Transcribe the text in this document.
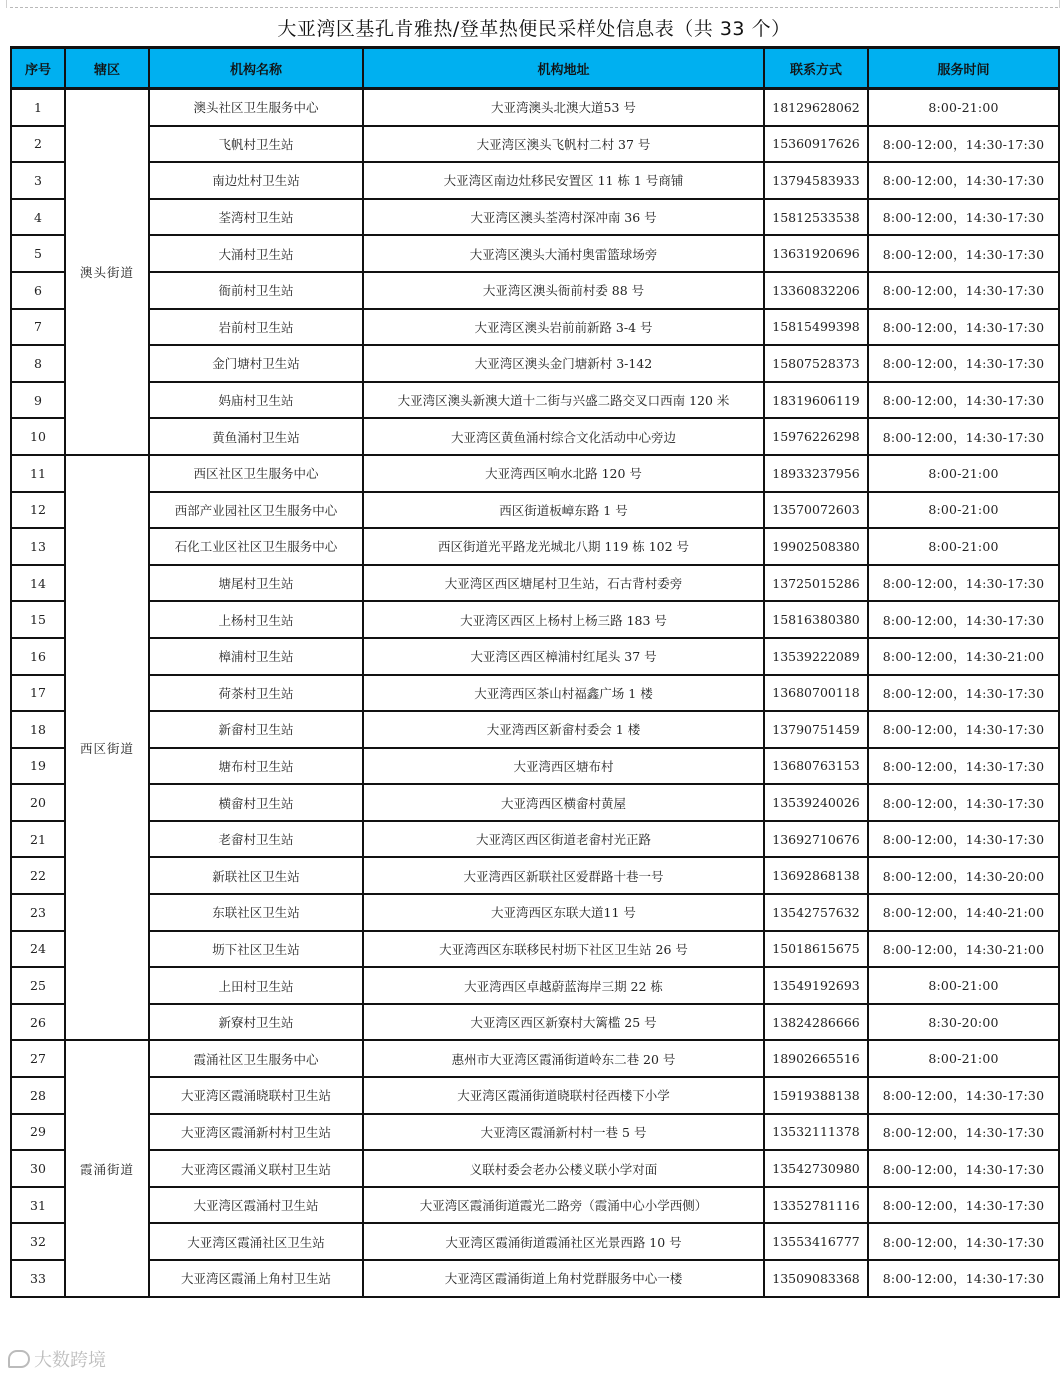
大亚湾区基孔肯雅热/登革热便民采样处信息表（共 33 个）
序号	辖区	机构名称	机构地址	联系方式	服务时间
1	澳头街道	澳头社区卫生服务中心	大亚湾澳头北澳大道53 号	18129628062	8:00-21:00
2		飞帆村卫生站	大亚湾区澳头飞帆村二村 37 号	15360917626	8:00-12:00，14:30-17:30
3		南边灶村卫生站	大亚湾区南边灶移民安置区 11 栋 1 号商铺	13794583933	8:00-12:00，14:30-17:30
4		荃湾村卫生站	大亚湾区澳头荃湾村深冲南 36 号	15812533538	8:00-12:00，14:30-17:30
5		大涌村卫生站	大亚湾区澳头大涌村奥雷篮球场旁	13631920696	8:00-12:00，14:30-17:30
6		衙前村卫生站	大亚湾区澳头衙前村委 88 号	13360832206	8:00-12:00，14:30-17:30
7		岩前村卫生站	大亚湾区澳头岩前前新路 3-4 号	15815499398	8:00-12:00，14:30-17:30
8		金门塘村卫生站	大亚湾区澳头金门塘新村 3-142	15807528373	8:00-12:00，14:30-17:30
9		妈庙村卫生站	大亚湾区澳头新澳大道十二街与兴盛二路交叉口西南 120 米	18319606119	8:00-12:00，14:30-17:30
10		黄鱼涌村卫生站	大亚湾区黄鱼涌村综合文化活动中心旁边	15976226298	8:00-12:00，14:30-17:30
11	西区街道	西区社区卫生服务中心	大亚湾西区响水北路 120 号	18933237956	8:00-21:00
12		西部产业园社区卫生服务中心	西区街道板嶂东路 1 号	13570072603	8:00-21:00
13		石化工业区社区卫生服务中心	西区街道光平路龙光城北八期 119 栋 102 号	19902508380	8:00-21:00
14		塘尾村卫生站	大亚湾区西区塘尾村卫生站，石古背村委旁	13725015286	8:00-12:00，14:30-17:30
15		上杨村卫生站	大亚湾区西区上杨村上杨三路 183 号	15816380380	8:00-12:00，14:30-17:30
16		樟浦村卫生站	大亚湾区西区樟浦村红尾头 37 号	13539222089	8:00-12:00，14:30-21:00
17		荷茶村卫生站	大亚湾西区茶山村福鑫广场 1 楼	13680700118	8:00-12:00，14:30-17:30
18		新畲村卫生站	大亚湾西区新畲村委会 1 楼	13790751459	8:00-12:00，14:30-17:30
19		塘布村卫生站	大亚湾西区塘布村	13680763153	8:00-12:00，14:30-17:30
20		横畲村卫生站	大亚湾西区横畲村黄屋	13539240026	8:00-12:00，14:30-17:30
21		老畲村卫生站	大亚湾区西区街道老畲村光正路	13692710676	8:00-12:00，14:30-17:30
22		新联社区卫生站	大亚湾西区新联社区爱群路十巷一号	13692868138	8:00-12:00，14:30-20:00
23		东联社区卫生站	大亚湾西区东联大道11 号	13542757632	8:00-12:00，14:40-21:00
24		坜下社区卫生站	大亚湾西区东联移民村坜下社区卫生站 26 号	15018615675	8:00-12:00，14:30-21:00
25		上田村卫生站	大亚湾西区卓越蔚蓝海岸三期 22 栋	13549192693	8:00-21:00
26		新寮村卫生站	大亚湾区西区新寮村大篱槛 25 号	13824286666	8:30-20:00
27	霞涌街道	霞涌社区卫生服务中心	惠州市大亚湾区霞涌街道岭东二巷 20 号	18902665516	8:00-21:00
28		大亚湾区霞涌晓联村卫生站	大亚湾区霞涌街道晓联村径西楼下小学	15919388138	8:00-12:00，14:30-17:30
29		大亚湾区霞涌新村村卫生站	大亚湾区霞涌新村村一巷 5 号	13532111378	8:00-12:00，14:30-17:30
30		大亚湾区霞涌义联村卫生站	义联村委会老办公楼义联小学对面	13542730980	8:00-12:00，14:30-17:30
31		大亚湾区霞涌村卫生站	大亚湾区霞涌街道霞光二路旁（霞涌中心小学西侧）	13352781116	8:00-12:00，14:30-17:30
32		大亚湾区霞涌社区卫生站	大亚湾区霞涌街道霞涌社区光景西路 10 号	13553416777	8:00-12:00，14:30-17:30
33		大亚湾区霞涌上角村卫生站	大亚湾区霞涌街道上角村党群服务中心一楼	13509083368	8:00-12:00，14:30-17:30
大数跨境
